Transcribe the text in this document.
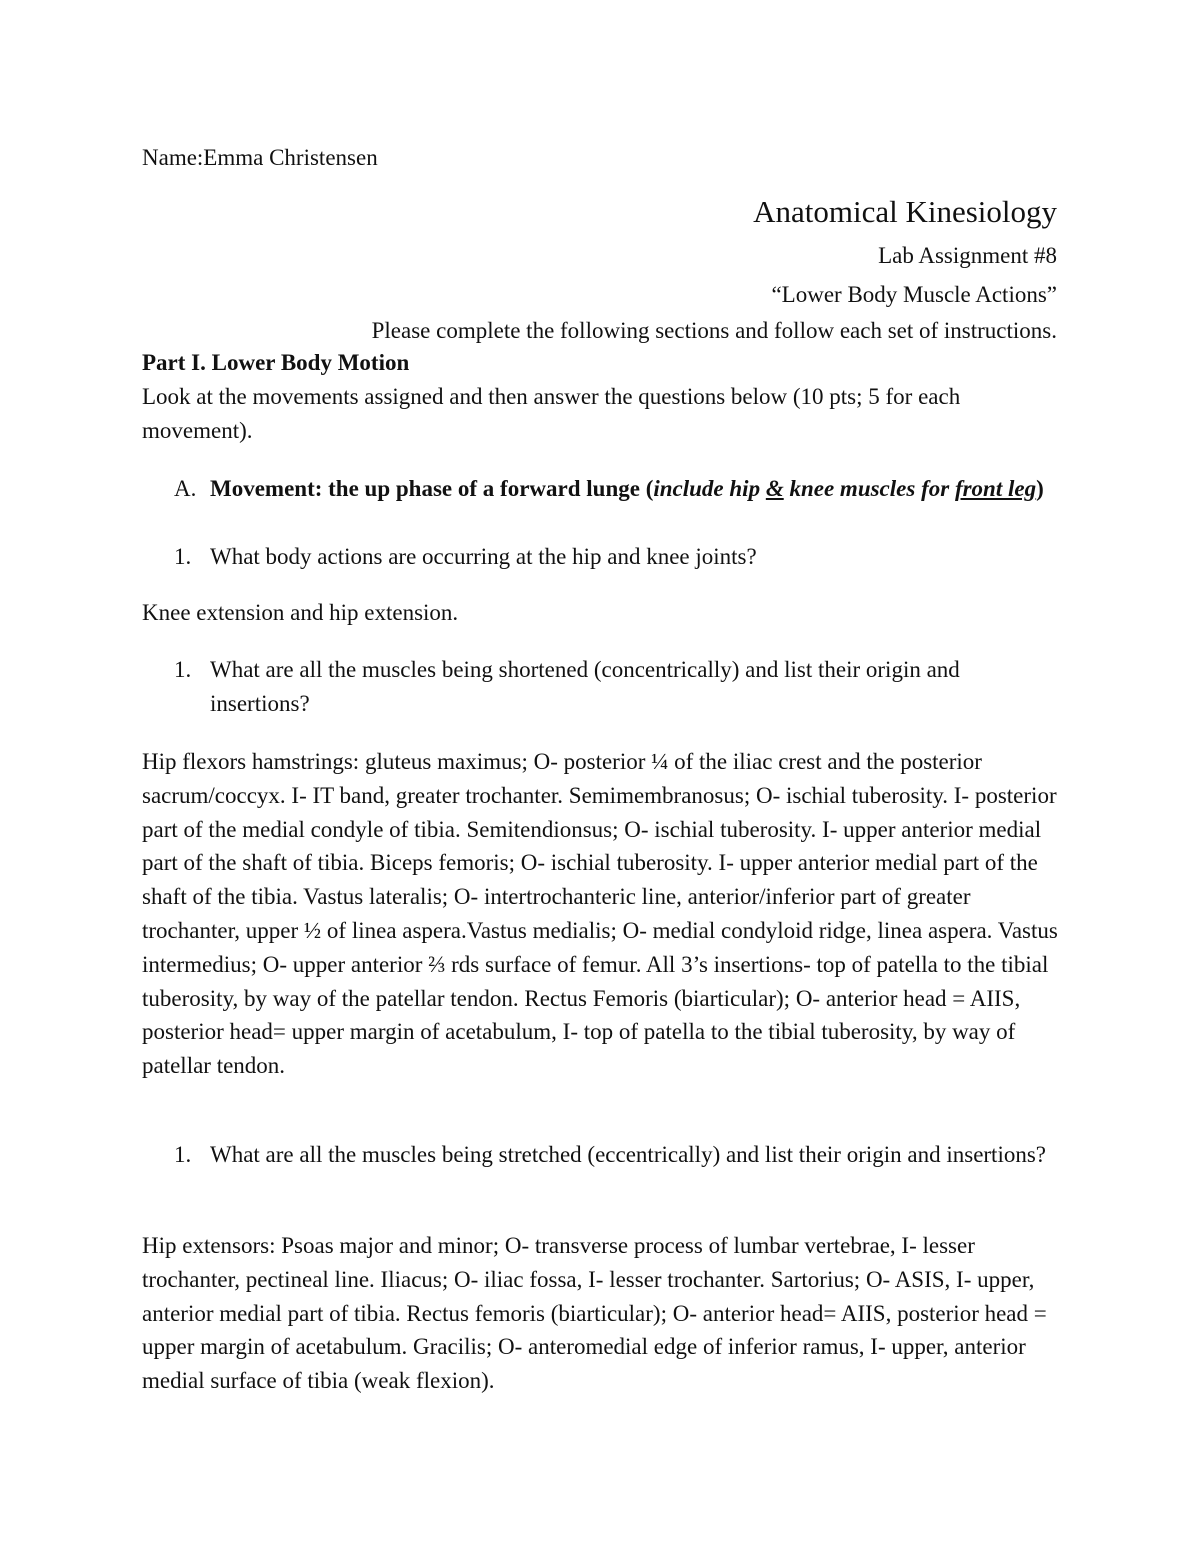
Name:Emma Christensen
Anatomical Kinesiology
Lab Assignment #8
“Lower Body Muscle Actions”
Please complete the following sections and follow each set of instructions.
Part I. Lower Body Motion
Look at the movements assigned and then answer the questions below (10 pts; 5 for each movement).
A. Movement: the up phase of a forward lunge (include hip & knee muscles for front leg)
1. What body actions are occurring at the hip and knee joints?
Knee extension and hip extension.
1. What are all the muscles being shortened (concentrically) and list their origin and insertions?
Hip flexors hamstrings: gluteus maximus; O- posterior ¼ of the iliac crest and the posterior sacrum/coccyx. I- IT band, greater trochanter. Semimembranosus; O- ischial tuberosity. I- posterior part of the medial condyle of tibia. Semitendionsus; O- ischial tuberosity. I- upper anterior medial part of the shaft of tibia. Biceps femoris; O- ischial tuberosity. I- upper anterior medial part of the shaft of the tibia. Vastus lateralis; O- intertrochanteric line, anterior/inferior part of greater trochanter, upper ½ of linea aspera.Vastus medialis; O- medial condyloid ridge, linea aspera. Vastus intermedius; O- upper anterior ⅔ rds surface of femur. All 3’s insertions- top of patella to the tibial tuberosity, by way of the patellar tendon. Rectus Femoris (biarticular); O- anterior head = AIIS, posterior head= upper margin of acetabulum, I- top of patella to the tibial tuberosity, by way of patellar tendon.
1. What are all the muscles being stretched (eccentrically) and list their origin and insertions?
Hip extensors: Psoas major and minor; O- transverse process of lumbar vertebrae, I- lesser trochanter, pectineal line. Iliacus; O- iliac fossa, I- lesser trochanter. Sartorius; O- ASIS, I- upper, anterior medial part of tibia. Rectus femoris (biarticular); O- anterior head= AIIS, posterior head = upper margin of acetabulum. Gracilis; O- anteromedial edge of inferior ramus, I- upper, anterior medial surface of tibia (weak flexion).
